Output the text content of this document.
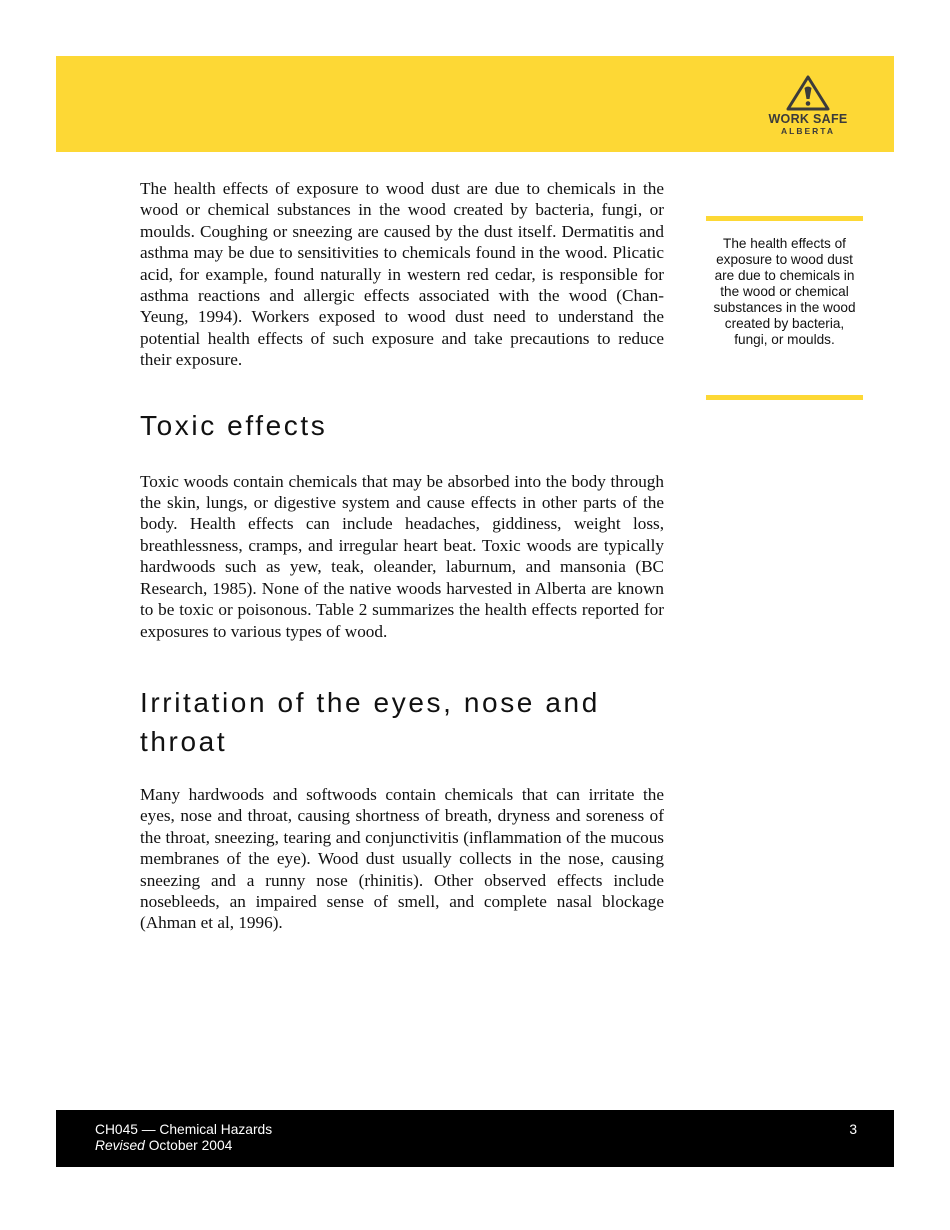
WORK SAFE
ALBERTA

The health effects of exposure to wood dust are due to chemicals in the wood or chemical substances in the wood created by bacteria, fungi, or moulds. Coughing or sneezing are caused by the dust itself. Dermatitis and asthma may be due to sensitivities to chemicals found in the wood. Plicatic acid, for example, found naturally in western red cedar, is responsible for asthma reactions and allergic effects associated with the wood (Chan-Yeung, 1994). Workers exposed to wood dust need to understand the potential health effects of such exposure and take precautions to reduce their exposure.

Toxic effects

Toxic woods contain chemicals that may be absorbed into the body through the skin, lungs, or digestive system and cause effects in other parts of the body. Health effects can include headaches, giddiness, weight loss, breathlessness, cramps, and irregular heart beat. Toxic woods are typically hardwoods such as yew, teak, oleander, laburnum, and mansonia (BC Research, 1985). None of the native woods harvested in Alberta are known to be toxic or poisonous. Table 2 summarizes the health effects reported for exposures to various types of wood.

Irritation of the eyes, nose and throat

Many hardwoods and softwoods contain chemicals that can irritate the eyes, nose and throat, causing shortness of breath, dryness and soreness of the throat, sneezing, tearing and conjunctivitis (inflammation of the mucous membranes of the eye). Wood dust usually collects in the nose, causing sneezing and a runny nose (rhinitis). Other observed effects include nosebleeds, an impaired sense of smell, and complete nasal blockage (Ahman et al, 1996).

The health effects of exposure to wood dust are due to chemicals in the wood or chemical substances in the wood created by bacteria, fungi, or moulds.
CH045 — Chemical Hazards
Revised October 2004
3
